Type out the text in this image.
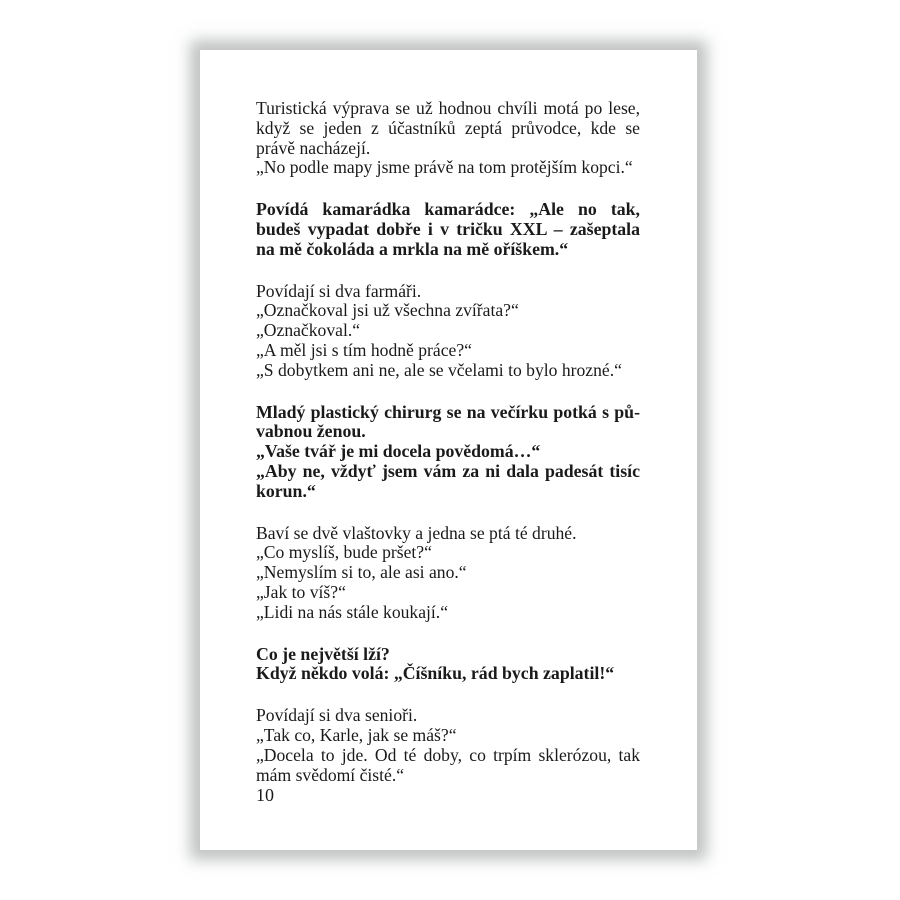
Turistická výprava se už hodnou chvíli motá po lese,
když se jeden z účastníků zeptá průvodce, kde se
právě nacházejí.
„No podle mapy jsme právě na tom protějším kopci.“
Povídá kamarádka kamarádce: „Ale no tak,
budeš vypadat dobře i v tričku XXL – zašeptala
na mě čokoláda a mrkla na mě oříškem.“
Povídají si dva farmáři.
„Označkoval jsi už všechna zvířata?“
„Označkoval.“
„A měl jsi s tím hodně práce?“
„S dobytkem ani ne, ale se včelami to bylo hrozné.“
Mladý plastický chirurg se na večírku potká s pů-
vabnou ženou.
„Vaše tvář je mi docela povědomá…“
„Aby ne, vždyť jsem vám za ni dala padesát tisíc
korun.“
Baví se dvě vlaštovky a jedna se ptá té druhé.
„Co myslíš, bude pršet?“
„Nemyslím si to, ale asi ano.“
„Jak to víš?“
„Lidi na nás stále koukají.“
Co je největší lží?
Když někdo volá: „Číšníku, rád bych zaplatil!“
Povídají si dva senioři.
„Tak co, Karle, jak se máš?“
„Docela to jde. Od té doby, co trpím sklerózou, tak
mám svědomí čisté.“
10
